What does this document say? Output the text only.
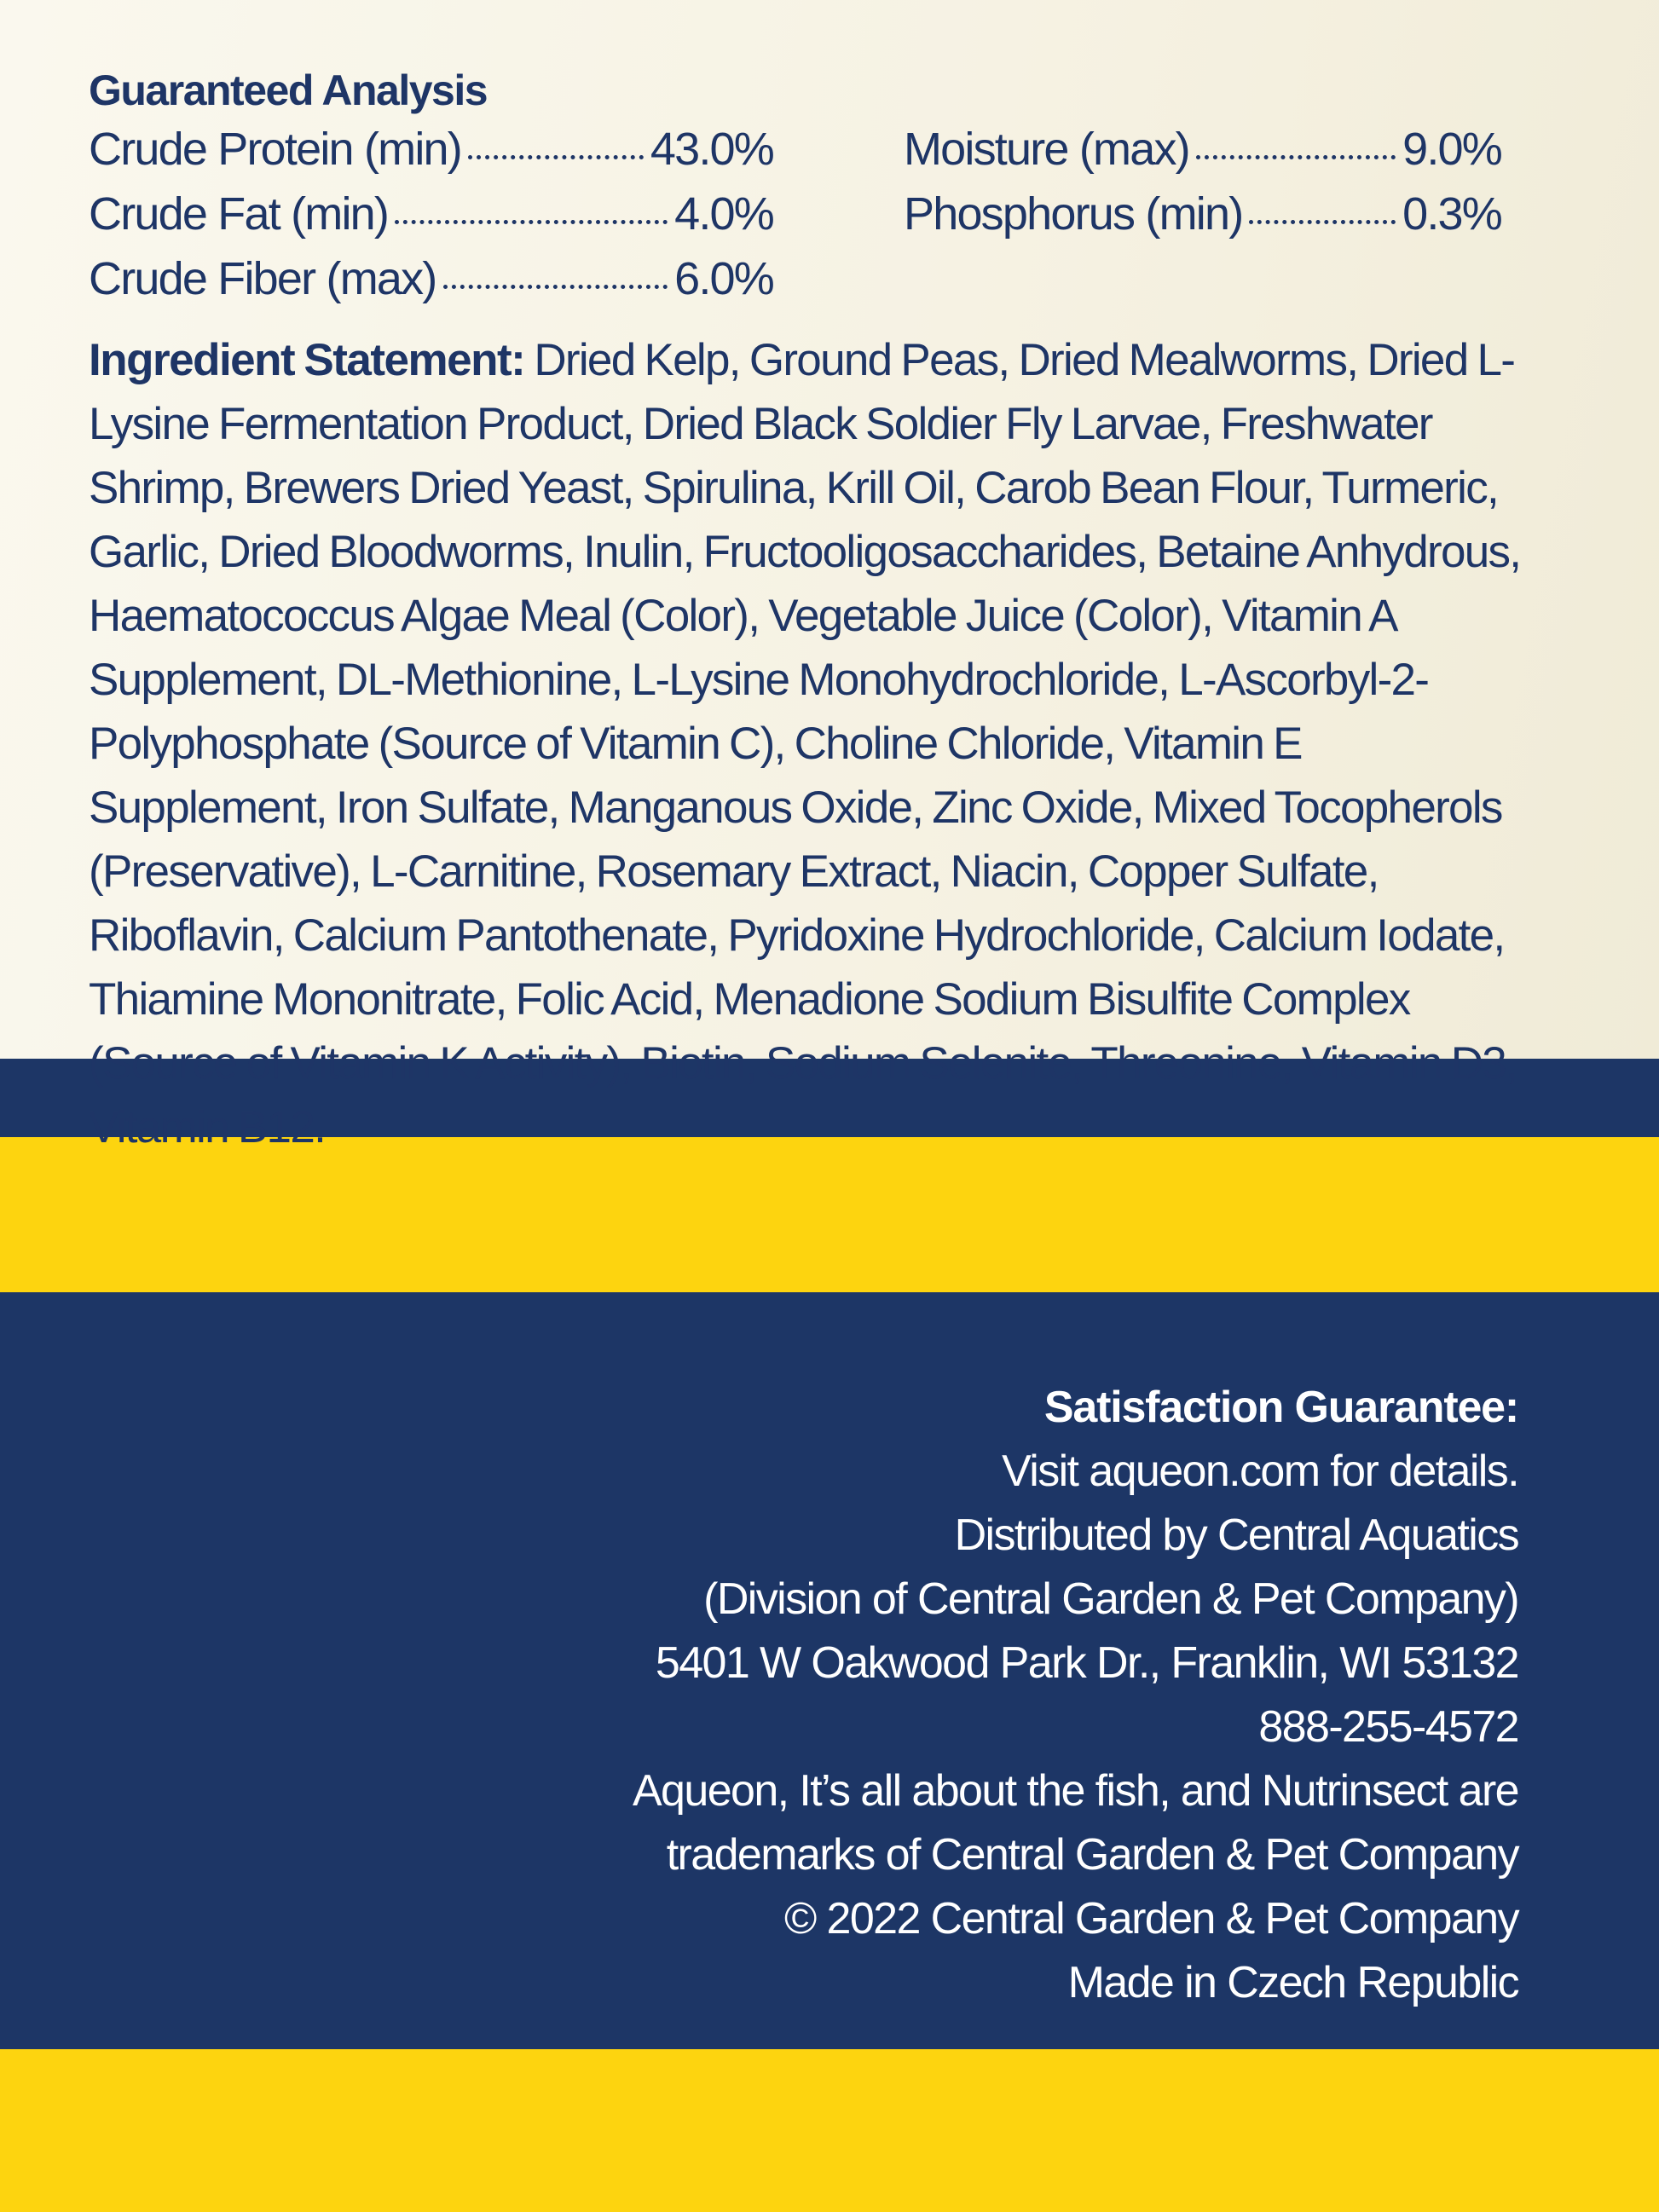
Guaranteed Analysis
Crude Protein (min)	43.0%
Crude Fat (min)	4.0%
Crude Fiber (max)	6.0%
Moisture (max)	9.0%
Phosphorus (min)	0.3%
Ingredient Statement: Dried Kelp, Ground Peas, Dried Mealworms, Dried L-Lysine Fermentation Product, Dried Black Soldier Fly Larvae, Freshwater Shrimp, Brewers Dried Yeast, Spirulina, Krill Oil, Carob Bean Flour, Turmeric, Garlic, Dried Bloodworms, Inulin, Fructooligosaccharides, Betaine Anhydrous, Haematococcus Algae Meal (Color), Vegetable Juice (Color), Vitamin A Supplement, DL-Methionine, L-Lysine Monohydrochloride, L-Ascorbyl-2-Polyphosphate (Source of Vitamin C), Choline Chloride, Vitamin E Supplement, Iron Sulfate, Manganous Oxide, Zinc Oxide, Mixed Tocopherols (Preservative), L-Carnitine, Rosemary Extract, Niacin, Copper Sulfate, Riboflavin, Calcium Pantothenate, Pyridoxine Hydrochloride, Calcium Iodate, Thiamine Mononitrate, Folic Acid, Menadione Sodium Bisulfite Complex (Source of Vitamin K Activity), Biotin, Sodium Selenite, Threonine, Vitamin D3, Vitamin B12.
Satisfaction Guarantee:
Visit aqueon.com for details.
Distributed by Central Aquatics
(Division of Central Garden & Pet Company)
5401 W Oakwood Park Dr., Franklin, WI 53132
888-255-4572
Aqueon, It’s all about the fish, and Nutrinsect are
trademarks of Central Garden & Pet Company
© 2022 Central Garden & Pet Company
Made in Czech Republic
